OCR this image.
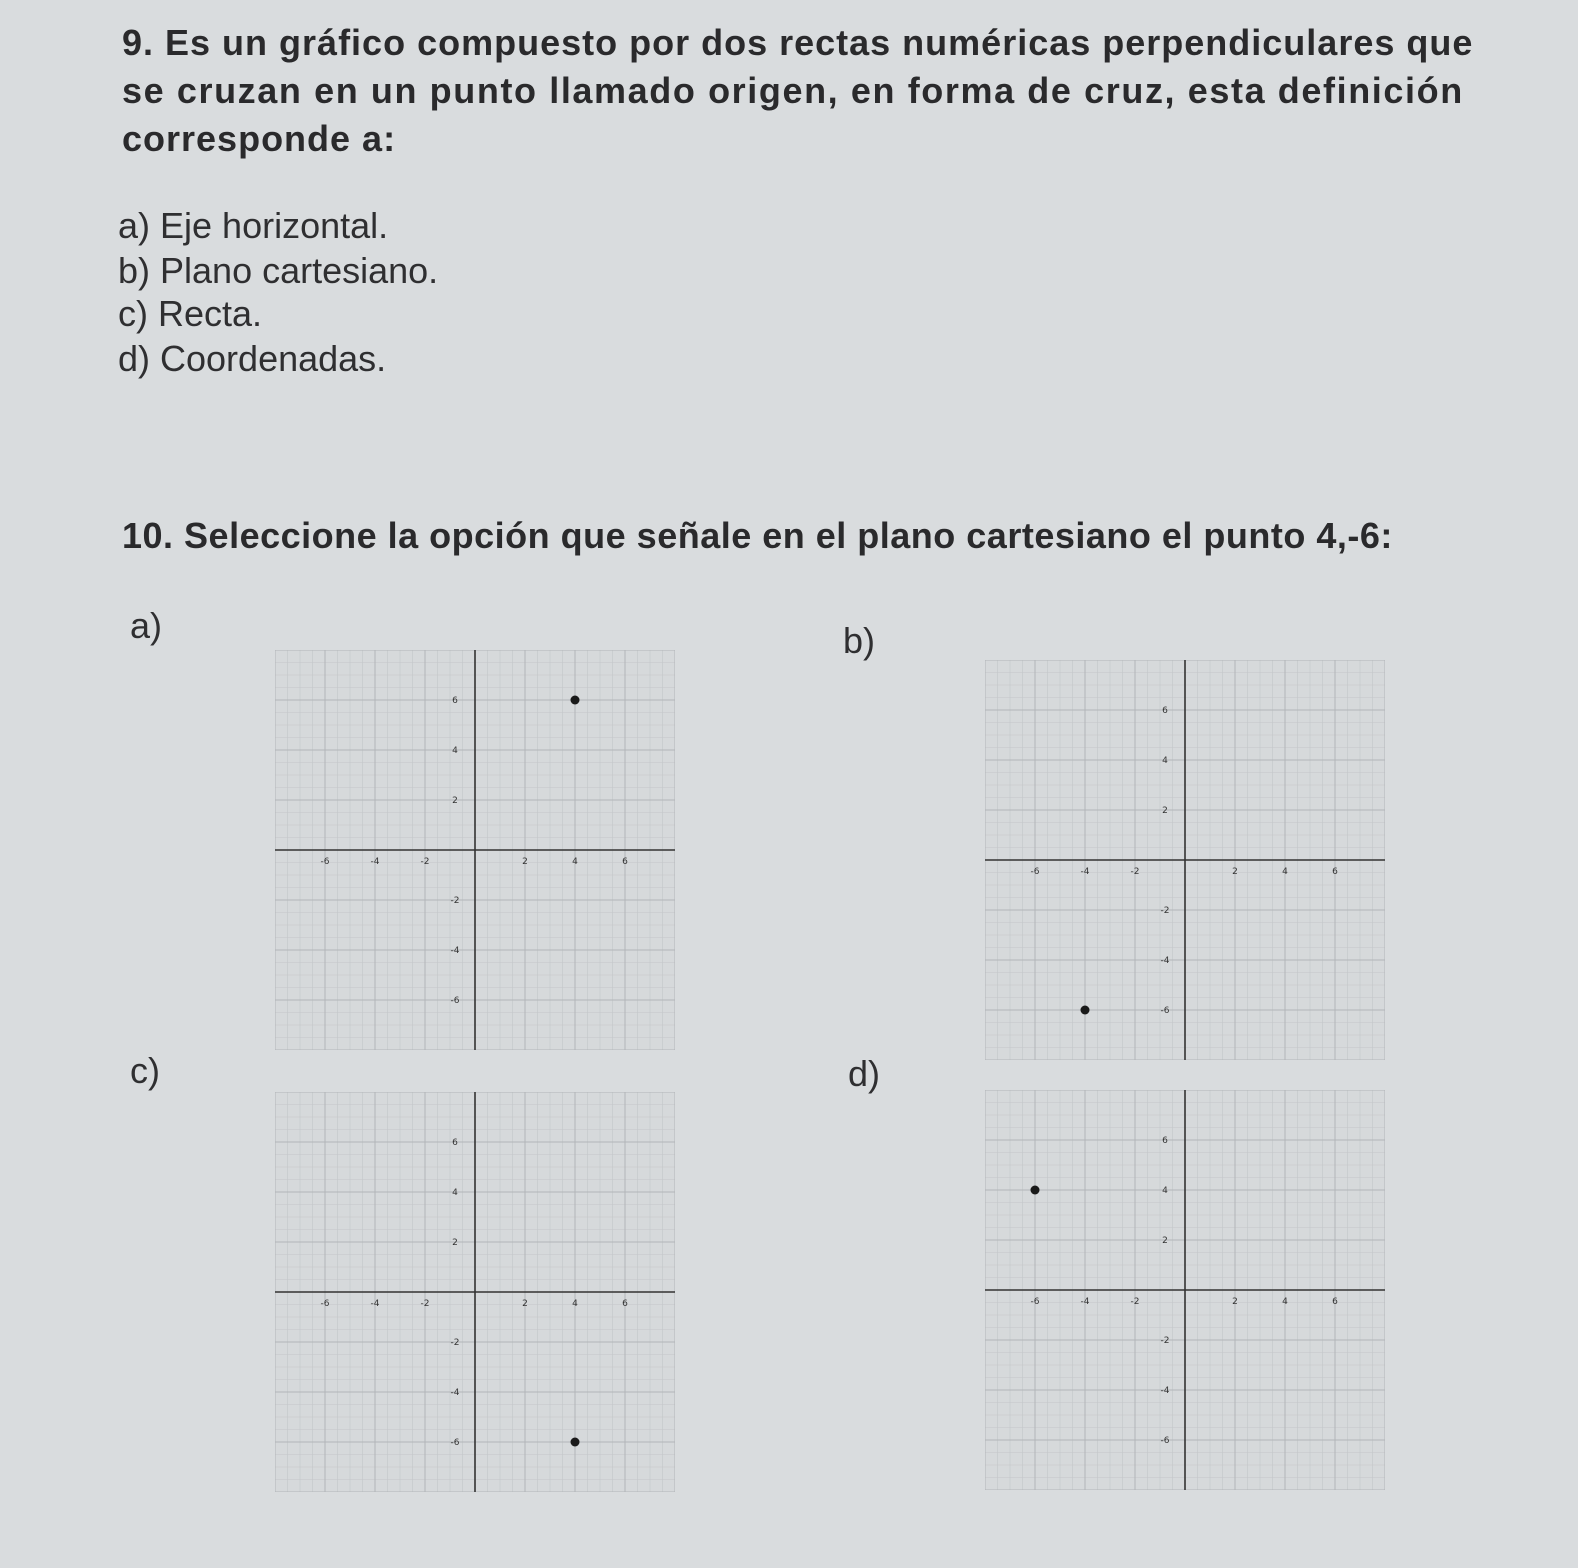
9. Es un gráfico compuesto por dos rectas numéricas perpendiculares que

se cruzan en un punto llamado origen, en forma de cruz, esta definición

corresponde a:

a) Eje horizontal.

b) Plano cartesiano.

c) Recta.

d) Coordenadas.

10. Seleccione la opción que señale en el plano cartesiano el punto 4,-6:

a)	b)

c)	d)

-6	-4	-2	2	4	6
6
4
2
-2
-4
-6
-6	-4	-2	2	4	6
6
4
2
-2
-4
-6
-6	-4	-2	2	4	6
6
4
2
-2
-4
-6
-6	-4	-2	2	4	6
6
4
2
-2
-4
-6
